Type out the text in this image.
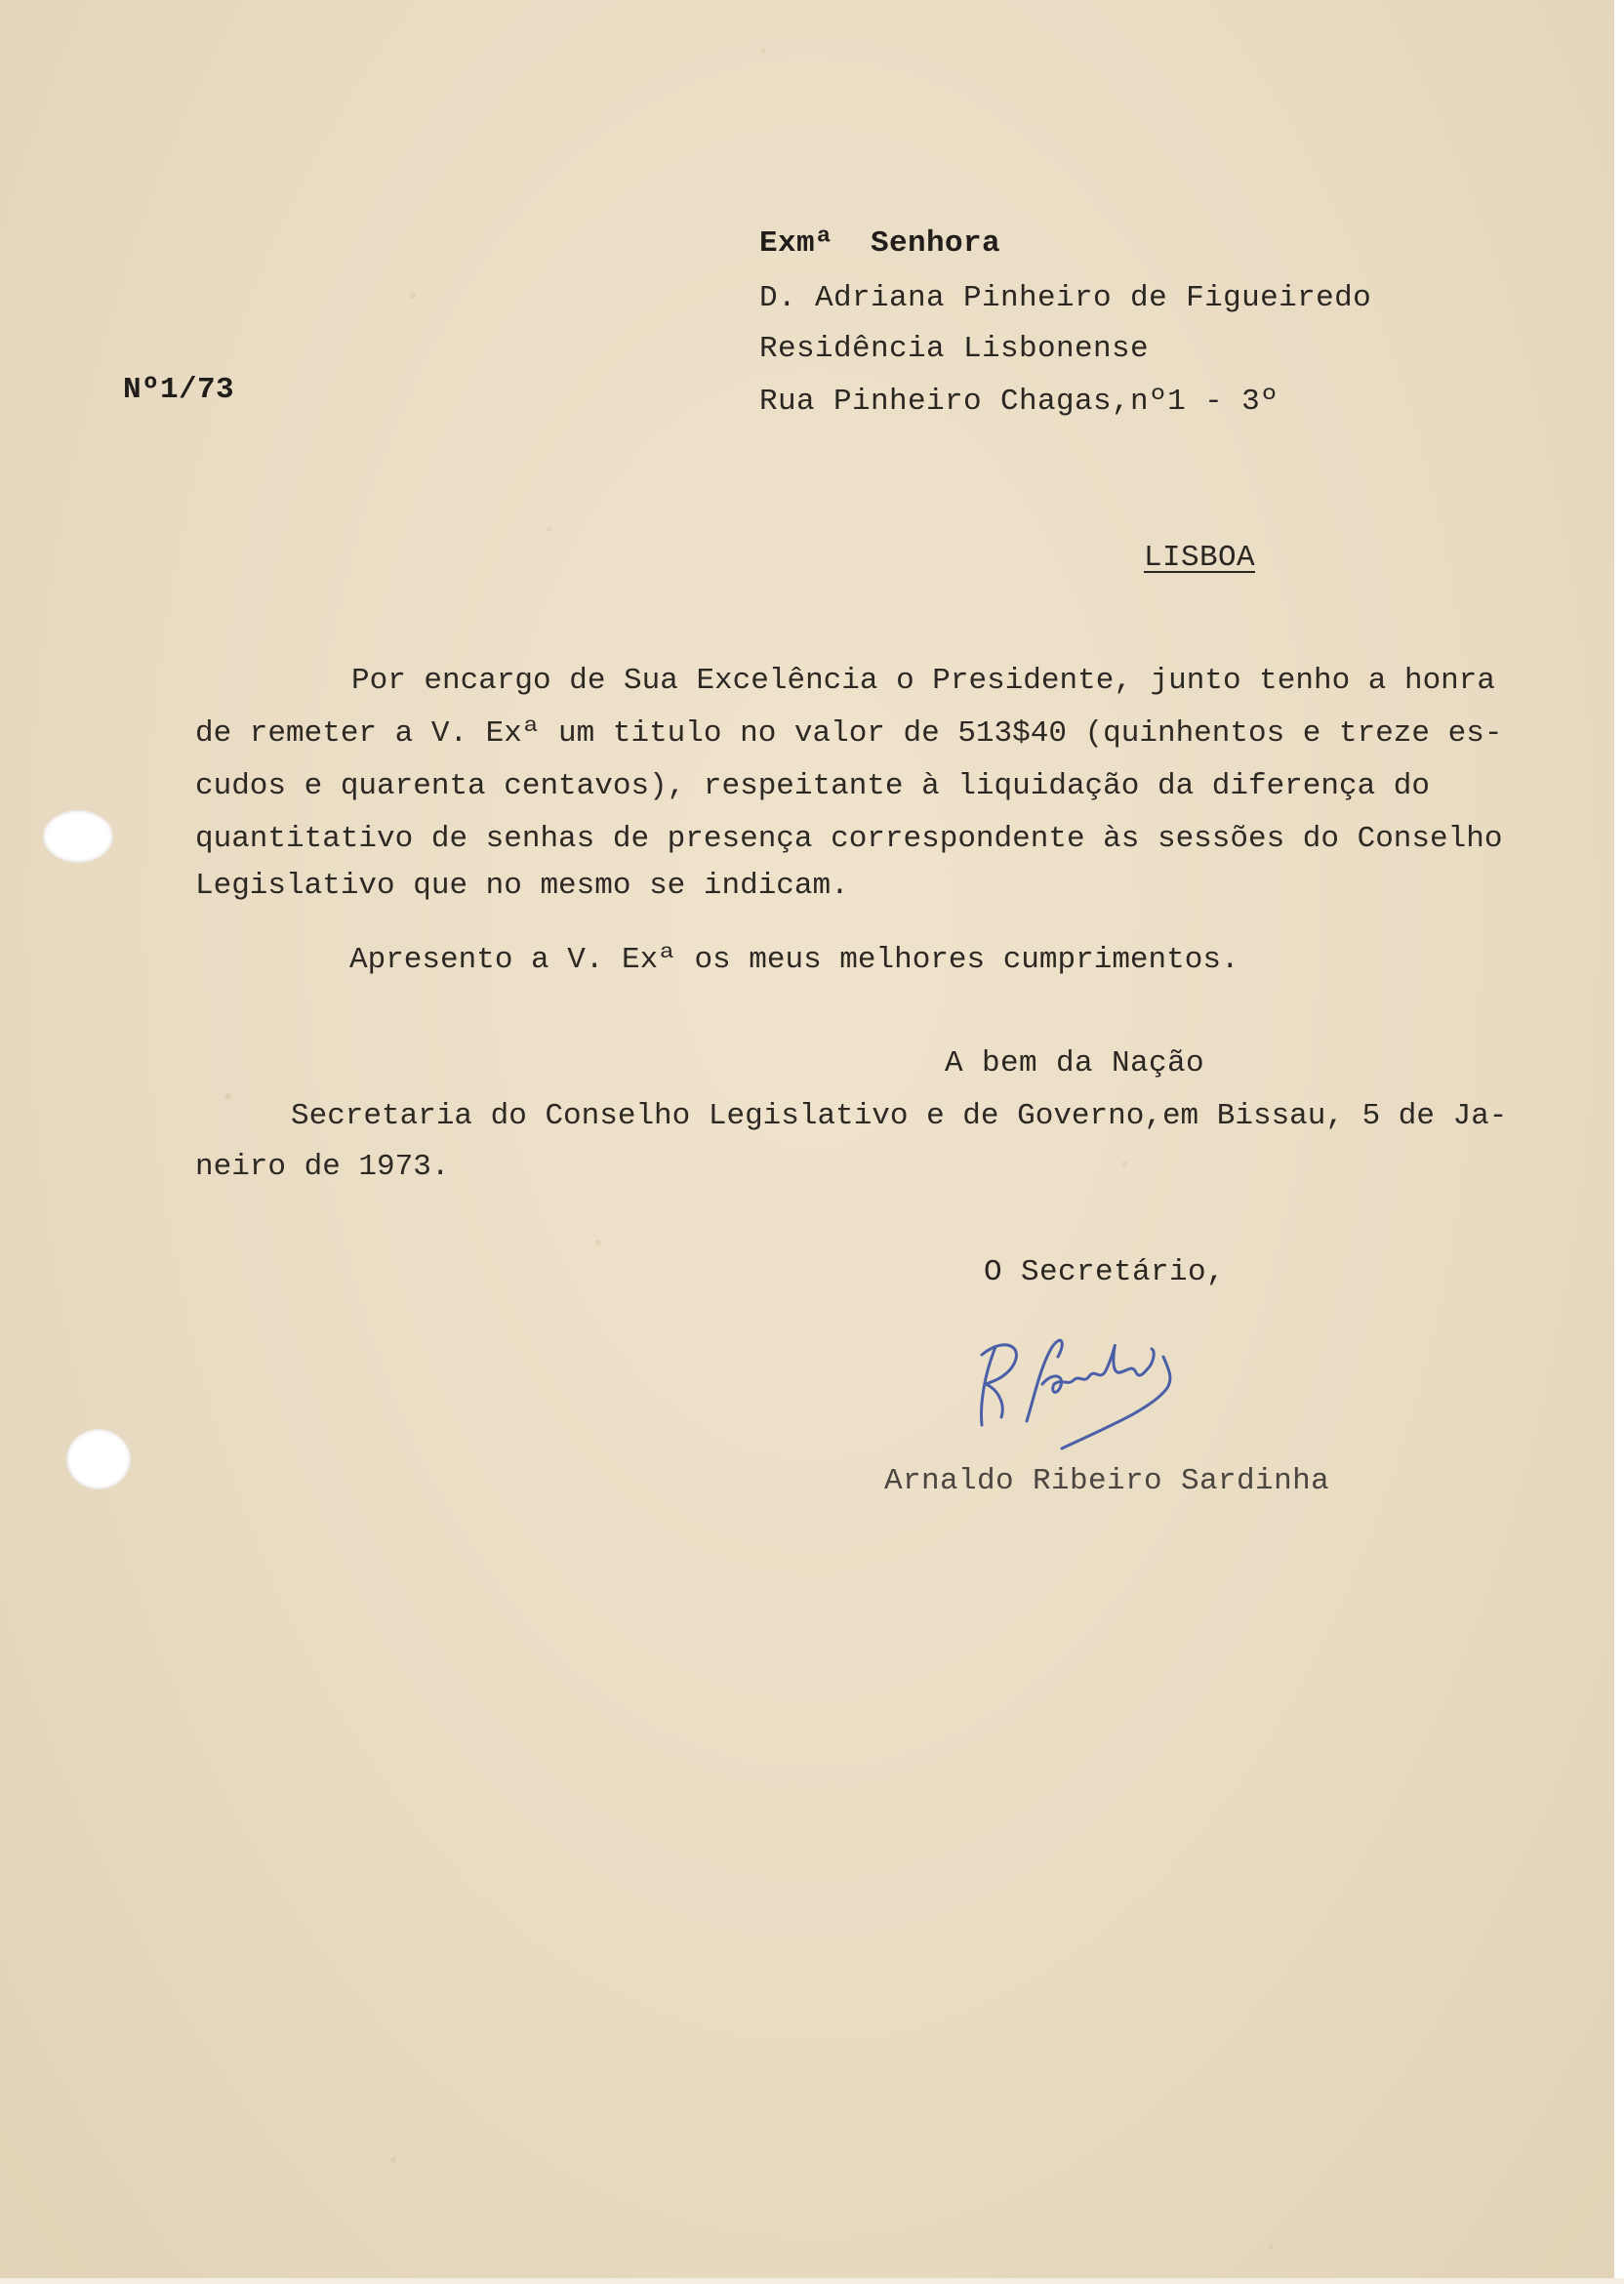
Nº1/73
Exmª  Senhora
D. Adriana Pinheiro de Figueiredo
Residência Lisbonense
Rua Pinheiro Chagas,nº1 - 3º
LISBOA
Por encargo de Sua Excelência o Presidente, junto tenho a honra
de remeter a V. Exª um titulo no valor de 513$40 (quinhentos e treze es-
cudos e quarenta centavos), respeitante à liquidação da diferença do
quantitativo de senhas de presença correspondente às sessões do Conselho
Legislativo que no mesmo se indicam.
Apresento a V. Exª os meus melhores cumprimentos.
A bem da Nação
Secretaria do Conselho Legislativo e de Governo,em Bissau, 5 de Ja-
neiro de 1973.
O Secretário,
Arnaldo Ribeiro Sardinha
